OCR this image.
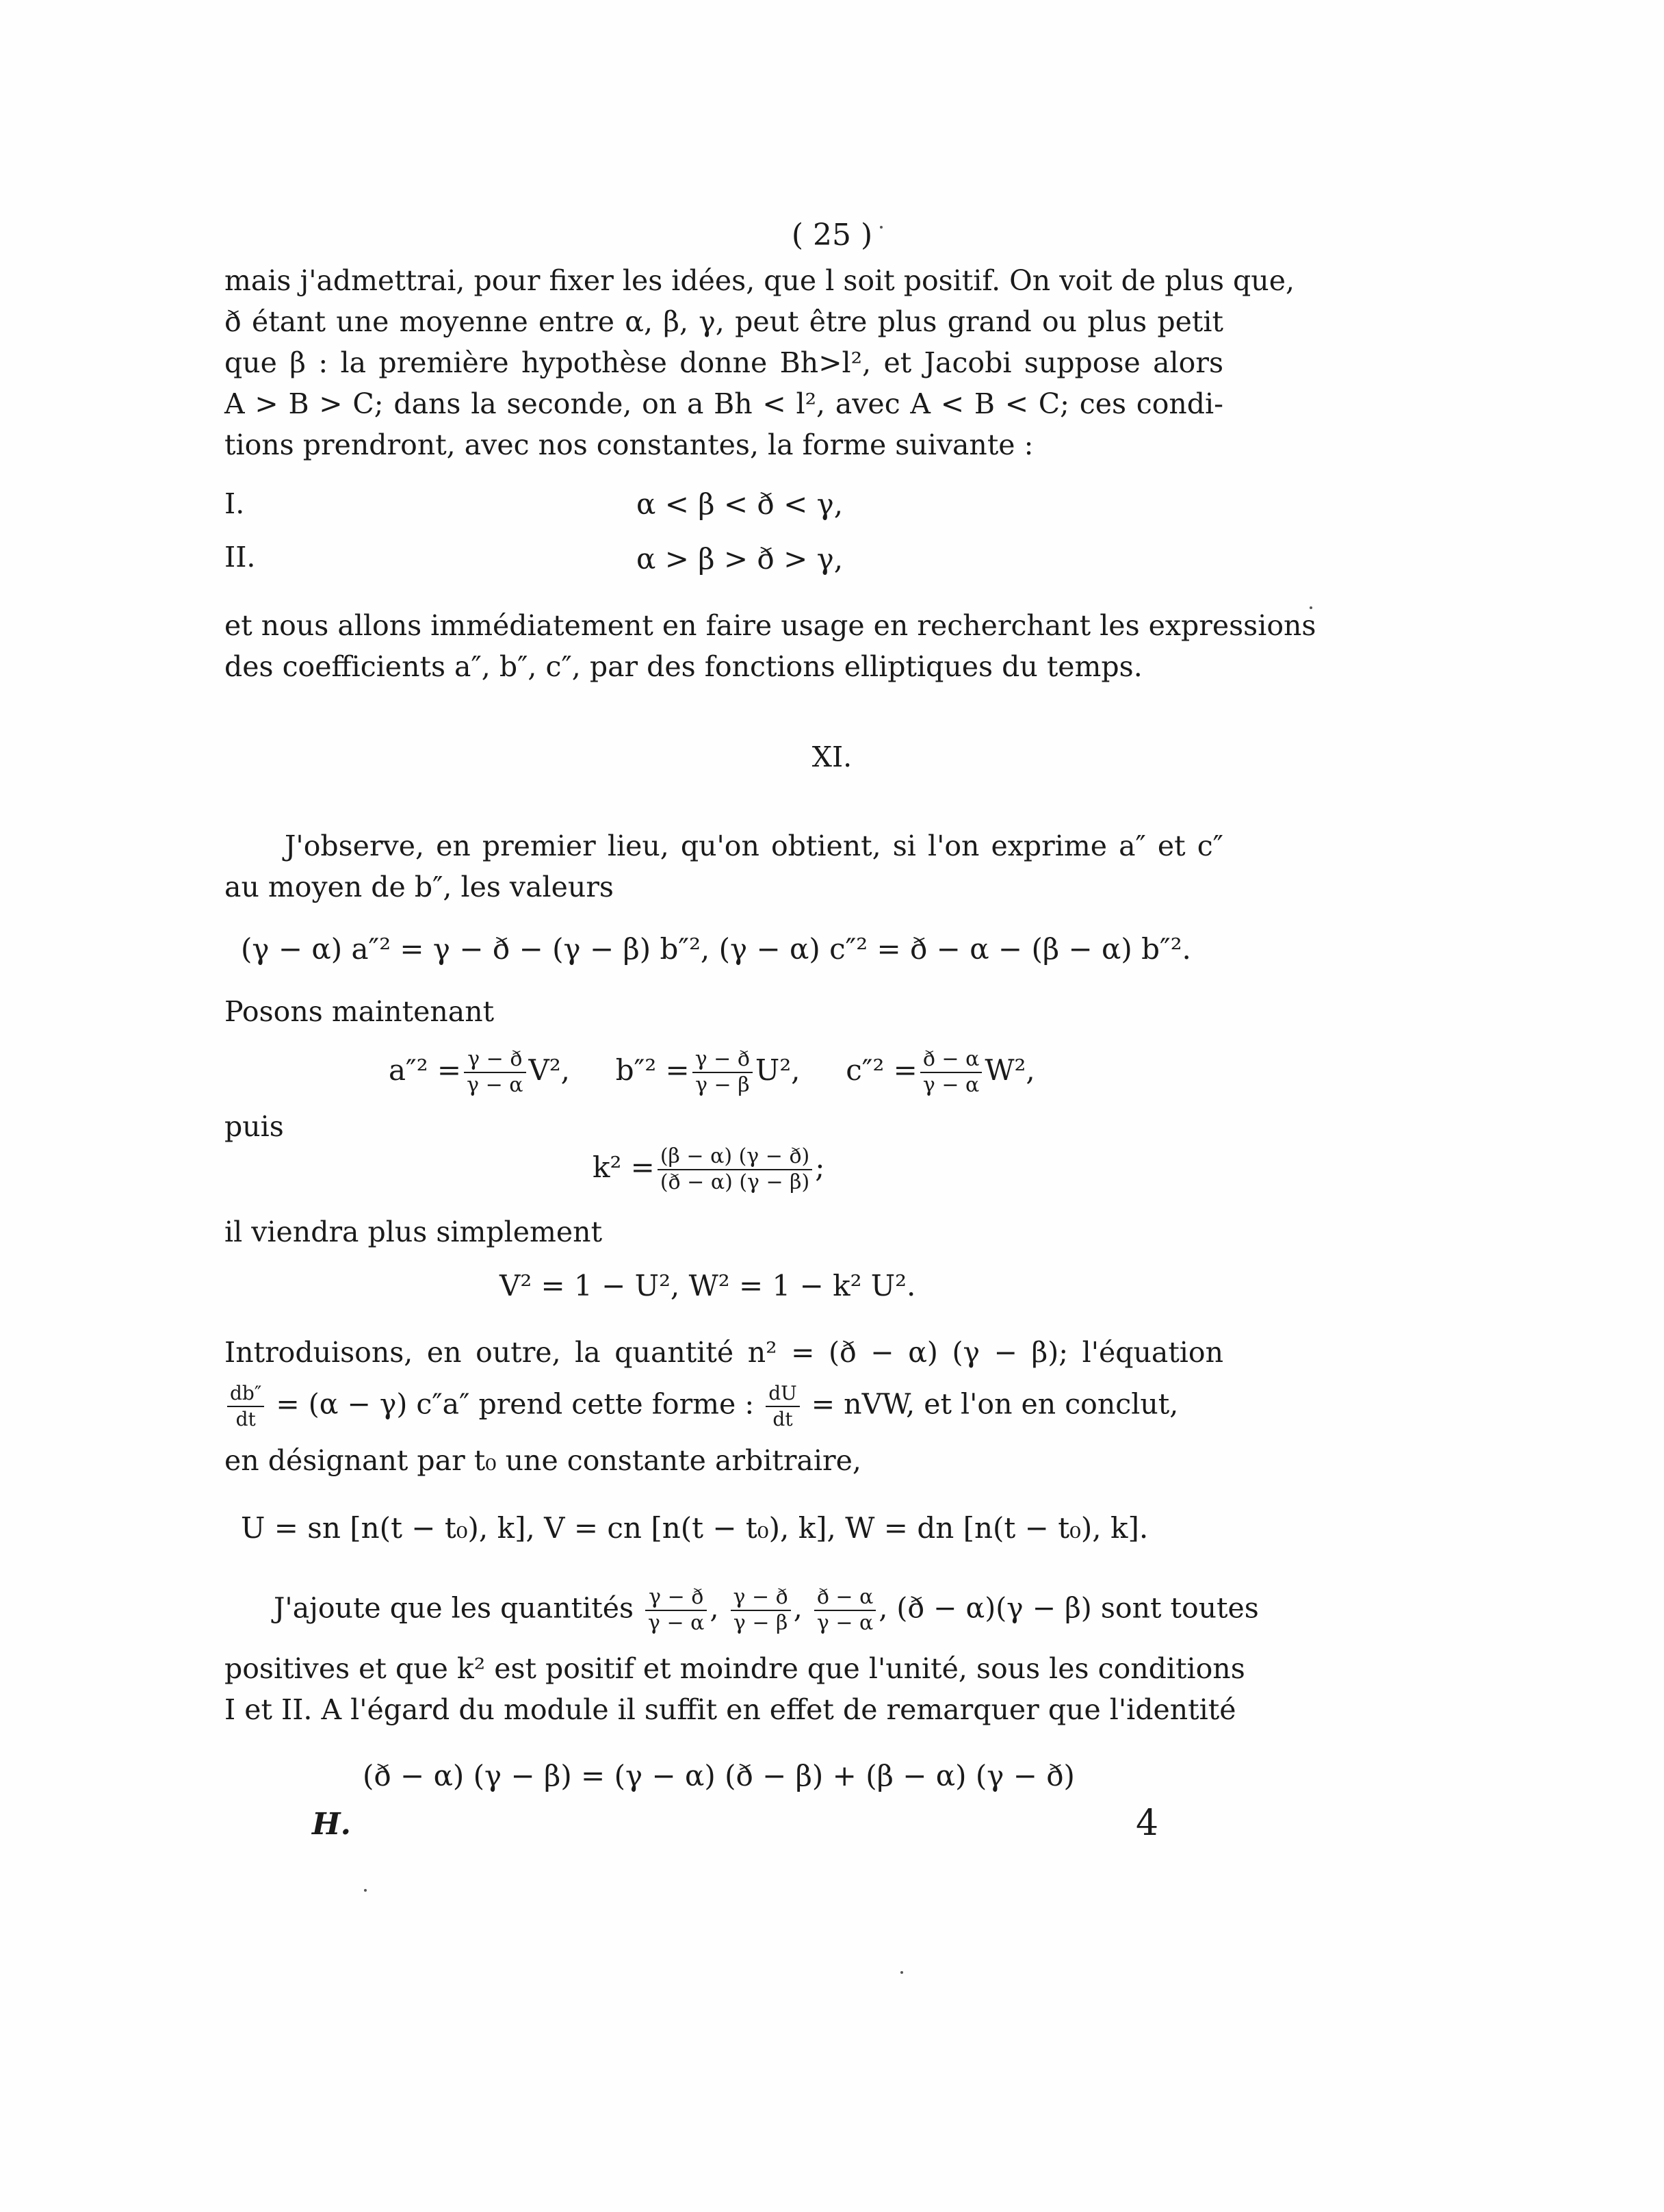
( 25 )
mais j'admettrai, pour fixer les idées, que l soit positif. On voit de plus que,
ð étant une moyenne entre α, β, γ, peut être plus grand ou plus petit
que β : la première hypothèse donne Bh>l², et Jacobi suppose alors
A > B > C; dans la seconde, on a Bh < l², avec A < B < C; ces condi-
tions prendront, avec nos constantes, la forme suivante :
I.	α < β < ð < γ,
II.	α > β > ð > γ,
et nous allons immédiatement en faire usage en recherchant les expressions
des coefficients a″, b″, c″, par des fonctions elliptiques du temps.
XI.
J'observe, en premier lieu, qu'on obtient, si l'on exprime a″ et c″
au moyen de b″, les valeurs
(γ − α) a″² = γ − ð − (γ − β) b″², (γ − α) c″² = ð − α − (β − α) b″².
Posons maintenant
$a''^2 = \frac{\gamma - ð}{\gamma - \alpha} V^2$, $b''^2 = \frac{\gamma - ð}{\gamma - \beta} U^2$, $c''^2 = \frac{ð - \alpha}{\gamma - \alpha} W^2$,
puis
$k^2 = \frac{(\beta - \alpha) (\gamma - ð)}{(ð - \alpha) (\gamma - \beta)}$ ;
il viendra plus simplement
V² = 1 − U², W² = 1 − k² U².
Introduisons, en outre, la quantité n² = (ð − α) (γ − β); l'équation
$\frac{db''}{dt} = (\alpha - \gamma)$ c″a″ prend cette forme : $\frac{dU}{dt}$ = nVW, et l'on en conclut,
en désignant par t₀ une constante arbitraire,
U = sn [n(t − t₀), k], V = cn [n(t − t₀), k], W = dn [n(t − t₀), k].
J'ajoute que les quantités $\frac{\gamma - ð}{\gamma - \alpha}$ , $\frac{\gamma - ð}{\gamma - \beta}$ , $\frac{ð - \alpha}{\gamma - \alpha}$ , (ð − α)(γ − β) sont toutes
positives et que k² est positif et moindre que l'unité, sous les conditions
I et II. A l'égard du module il suffit en effet de remarquer que l'identité
(ð − α) (γ − β) = (γ − α) (ð − β) + (β − α) (γ − ð)
H.	4
